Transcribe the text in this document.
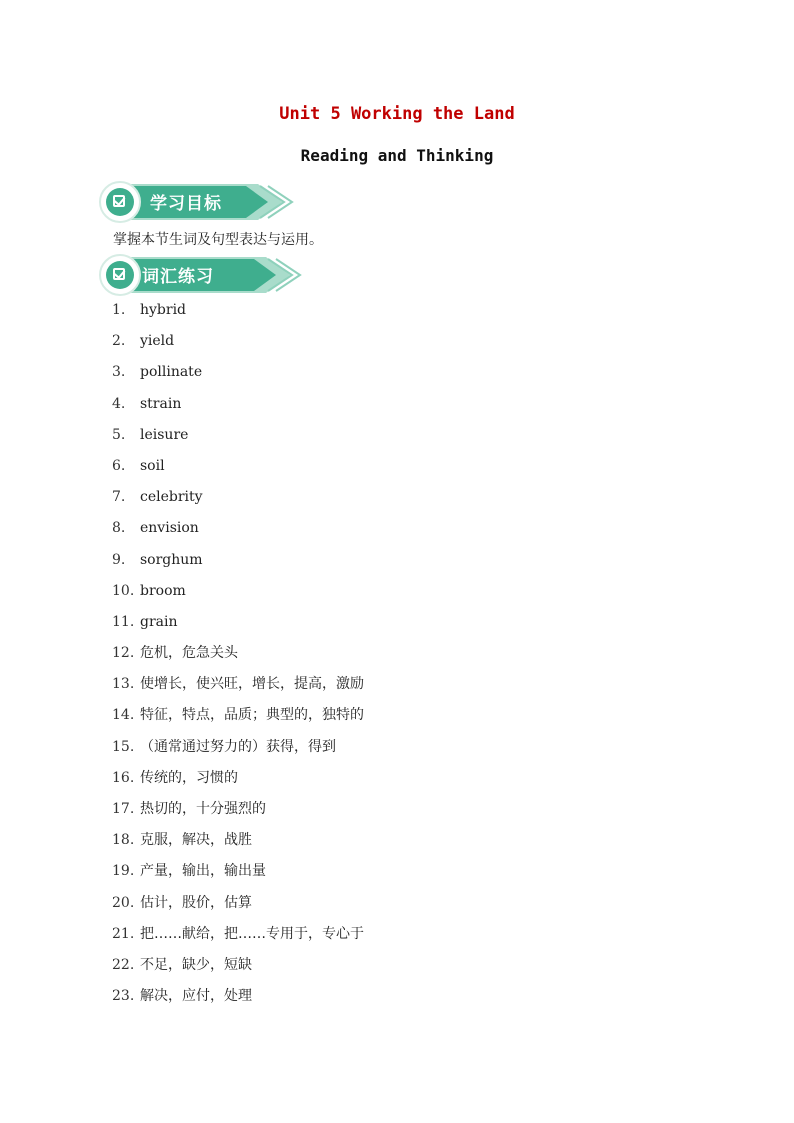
Unit 5 Working the Land
Reading and Thinking
学习目标
掌握本节生词及句型表达与运用。
词汇练习
1. hybrid
2. yield
3. pollinate
4. strain
5. leisure
6. soil
7. celebrity
8. envision
9. sorghum
10. broom
11. grain
12. 危机，危急关头
13. 使增长，使兴旺，增长，提高，激励
14. 特征，特点，品质；典型的，独特的
15. （通常通过努力的）获得，得到
16. 传统的，习惯的
17. 热切的，十分强烈的
18. 克服，解决，战胜
19. 产量，输出，输出量
20. 估计，股价，估算
21. 把……献给，把……专用于，专心于
22. 不足，缺少，短缺
23. 解决，应付，处理
